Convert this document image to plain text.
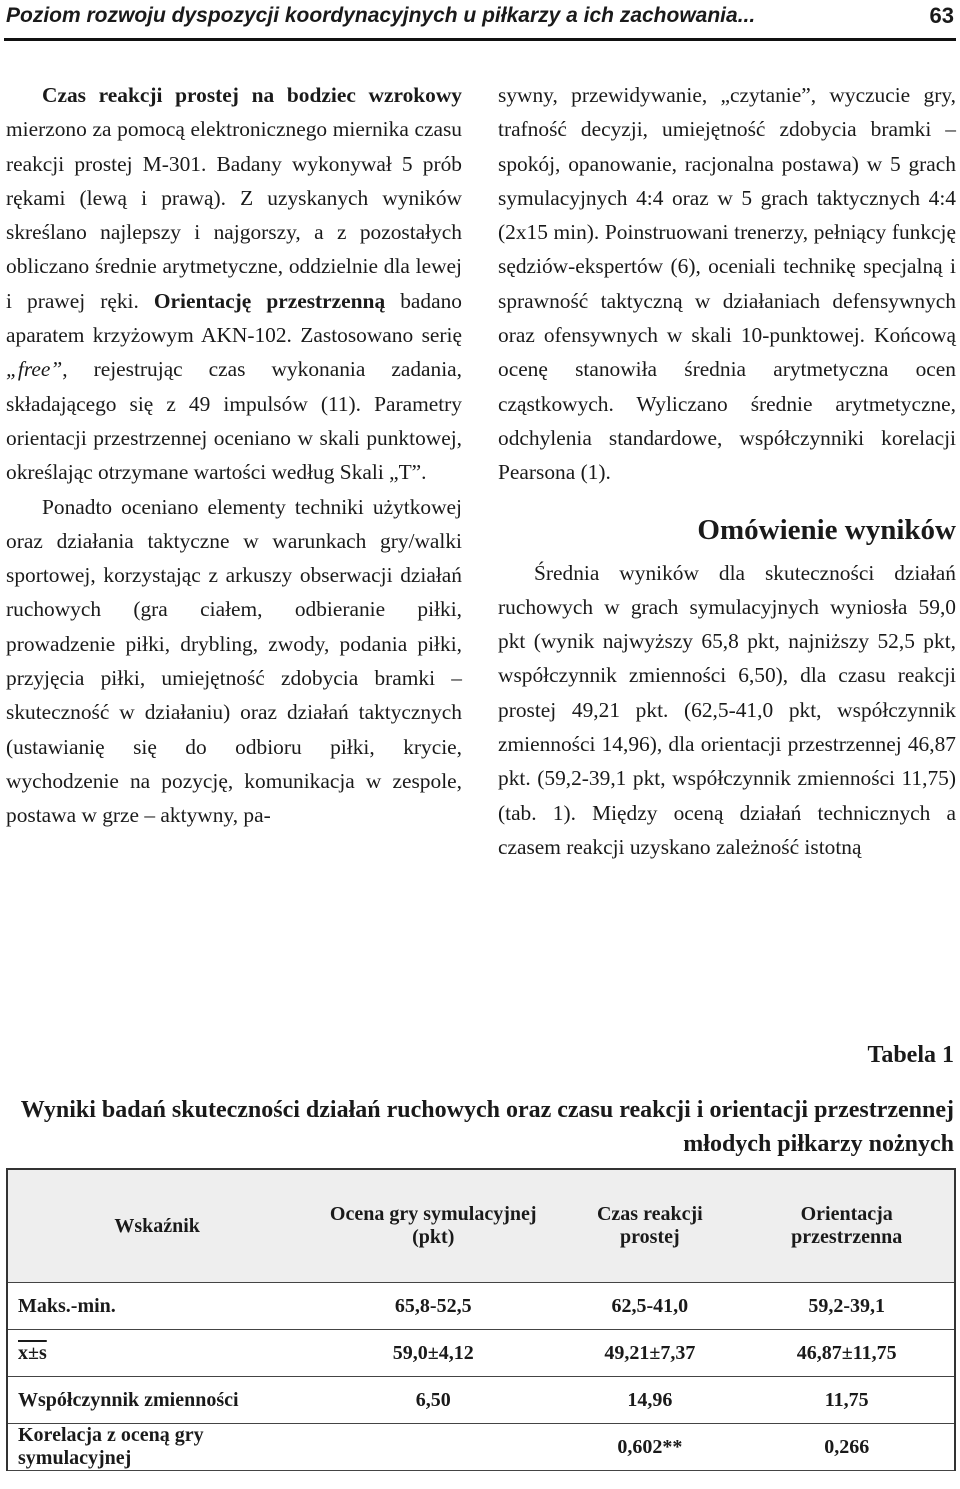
Poziom rozwoju dyspozycji koordynacyjnych u piłkarzy a ich zachowania...	63

Czas reakcji prostej na bodziec wzrokowy mierzono za pomocą elektronicznego miernika czasu reakcji prostej M-301. Badany wykonywał 5 prób rękami (lewą i prawą). Z uzyskanych wyników skreślano najlepszy i najgorszy, a z pozostałych obliczano średnie arytmetyczne, oddzielnie dla lewej i prawej ręki. Orientację przestrzenną badano aparatem krzyżowym AKN-102. Zastosowano serię „free”, rejestrując czas wykonania zadania, składającego się z 49 impulsów (11). Parametry orientacji przestrzennej oceniano w skali punktowej, określając otrzymane wartości według Skali „T”.

Ponadto oceniano elementy techniki użytkowej oraz działania taktyczne w warunkach gry/walki sportowej, korzystając z arkuszy obserwacji działań ruchowych (gra ciałem, odbieranie piłki, prowadzenie piłki, drybling, zwody, podania piłki, przyjęcia piłki, umiejętność zdobycia bramki – skuteczność w działaniu) oraz działań taktycznych (ustawianię się do odbioru piłki, krycie, wychodzenie na pozycję, komunikacja w zespole, postawa w grze – aktywny, pa-

sywny, przewidywanie, „czytanie”, wyczucie gry, trafność decyzji, umiejętność zdobycia bramki – spokój, opanowanie, racjonalna postawa) w 5 grach symulacyjnych 4:4 oraz w 5 grach taktycznych 4:4 (2x15 min). Poinstruowani trenerzy, pełniący funkcję sędziów-ekspertów (6), oceniali technikę specjalną i sprawność taktyczną w działaniach defensywnych oraz ofensywnych w skali 10-punktowej. Końcową ocenę stanowiła średnia arytmetyczna ocen cząstkowych. Wyliczano średnie arytmetyczne, odchylenia standardowe, współczynniki korelacji Pearsona (1).

Omówienie wyników

Średnia wyników dla skuteczności działań ruchowych w grach symulacyjnych wyniosła 59,0 pkt (wynik najwyższy 65,8 pkt, najniższy 52,5 pkt, współczynnik zmienności 6,50), dla czasu reakcji prostej 49,21 pkt. (62,5-41,0 pkt, współczynnik zmienności 14,96), dla orientacji przestrzennej 46,87 pkt. (59,2-39,1 pkt, współczynnik zmienności 11,75) (tab. 1). Między oceną działań technicznych a czasem reakcji uzyskano zależność istotną

Tabela 1
Wyniki badań skuteczności działań ruchowych oraz czasu reakcji i orientacji przestrzennej młodych piłkarzy nożnych
Wskaźnik	Ocena gry symulacyjnej (pkt)	Czas reakcji prostej	Orientacja przestrzenna
Maks.-min.	65,8-52,5	62,5-41,0	59,2-39,1
x±s	59,0±4,12	49,21±7,37	46,87±11,75
Współczynnik zmienności	6,50	14,96	11,75
Korelacja z oceną gry symulacyjnej		0,602**	0,266
